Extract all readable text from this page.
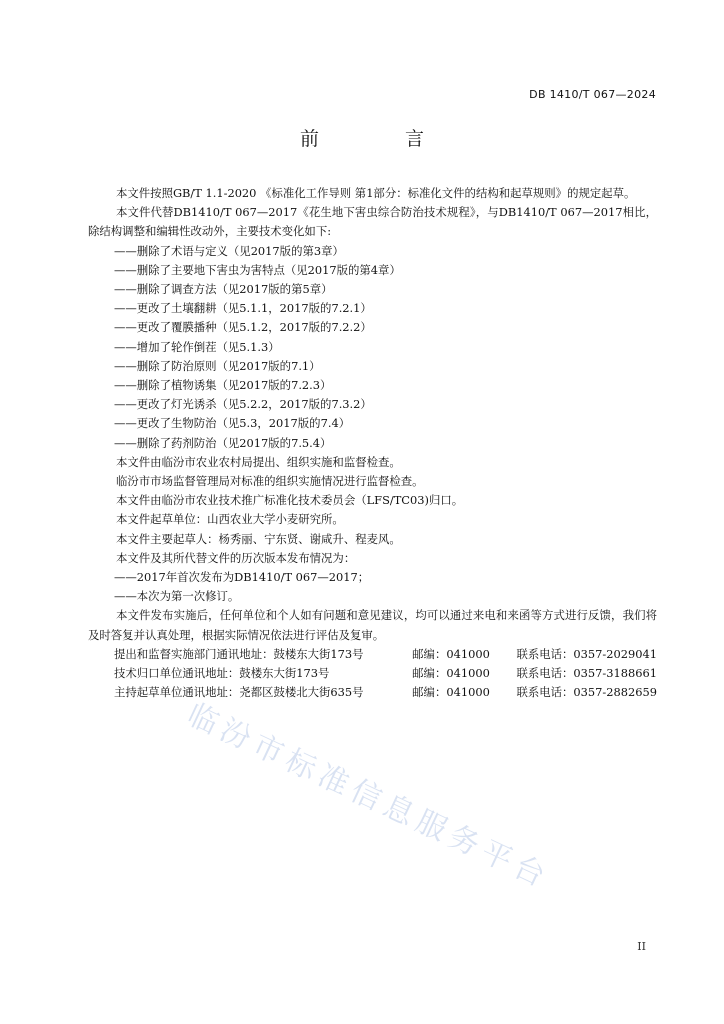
DB 1410/T 067—2024
前 言
本文件按照GB/T 1.1-2020 《标准化工作导则 第1部分：标准化文件的结构和起草规则》的规定起草。
本文件代替DB1410/T 067—2017《花生地下害虫综合防治技术规程》，与DB1410/T 067—2017相比，除结构调整和编辑性改动外，主要技术变化如下:
——删除了术语与定义（见2017版的第3章）
——删除了主要地下害虫为害特点（见2017版的第4章）
——删除了调查方法（见2017版的第5章）
——更改了土壤翻耕（见5.1.1，2017版的7.2.1）
——更改了覆膜播种（见5.1.2，2017版的7.2.2）
——增加了轮作倒茬（见5.1.3）
——删除了防治原则（见2017版的7.1）
——删除了植物诱集（见2017版的7.2.3）
——更改了灯光诱杀（见5.2.2，2017版的7.3.2）
——更改了生物防治（见5.3，2017版的7.4）
——删除了药剂防治（见2017版的7.5.4）
本文件由临汾市农业农村局提出、组织实施和监督检查。
临汾市市场监督管理局对标准的组织实施情况进行监督检查。
本文件由临汾市农业技术推广标准化技术委员会（LFS/TC03)归口。
本文件起草单位：山西农业大学小麦研究所。
本文件主要起草人：杨秀丽、宁东贤、谢咸升、程麦风。
本文件及其所代替文件的历次版本发布情况为：
——2017年首次发布为DB1410/T 067—2017；
——本次为第一次修订。
本文件发布实施后，任何单位和个人如有问题和意见建议，均可以通过来电和来函等方式进行反馈，我们将及时答复并认真处理，根据实际情况依法进行评估及复审。
提出和监督实施部门通讯地址：鼓楼东大街173号	邮编：041000	联系电话：0357-2029041
技术归口单位通讯地址：鼓楼东大街173号	邮编：041000	联系电话：0357-3188661
主持起草单位通讯地址：尧都区鼓楼北大街635号	邮编：041000	联系电话：0357-2882659
临汾市标准信息服务平台
II
